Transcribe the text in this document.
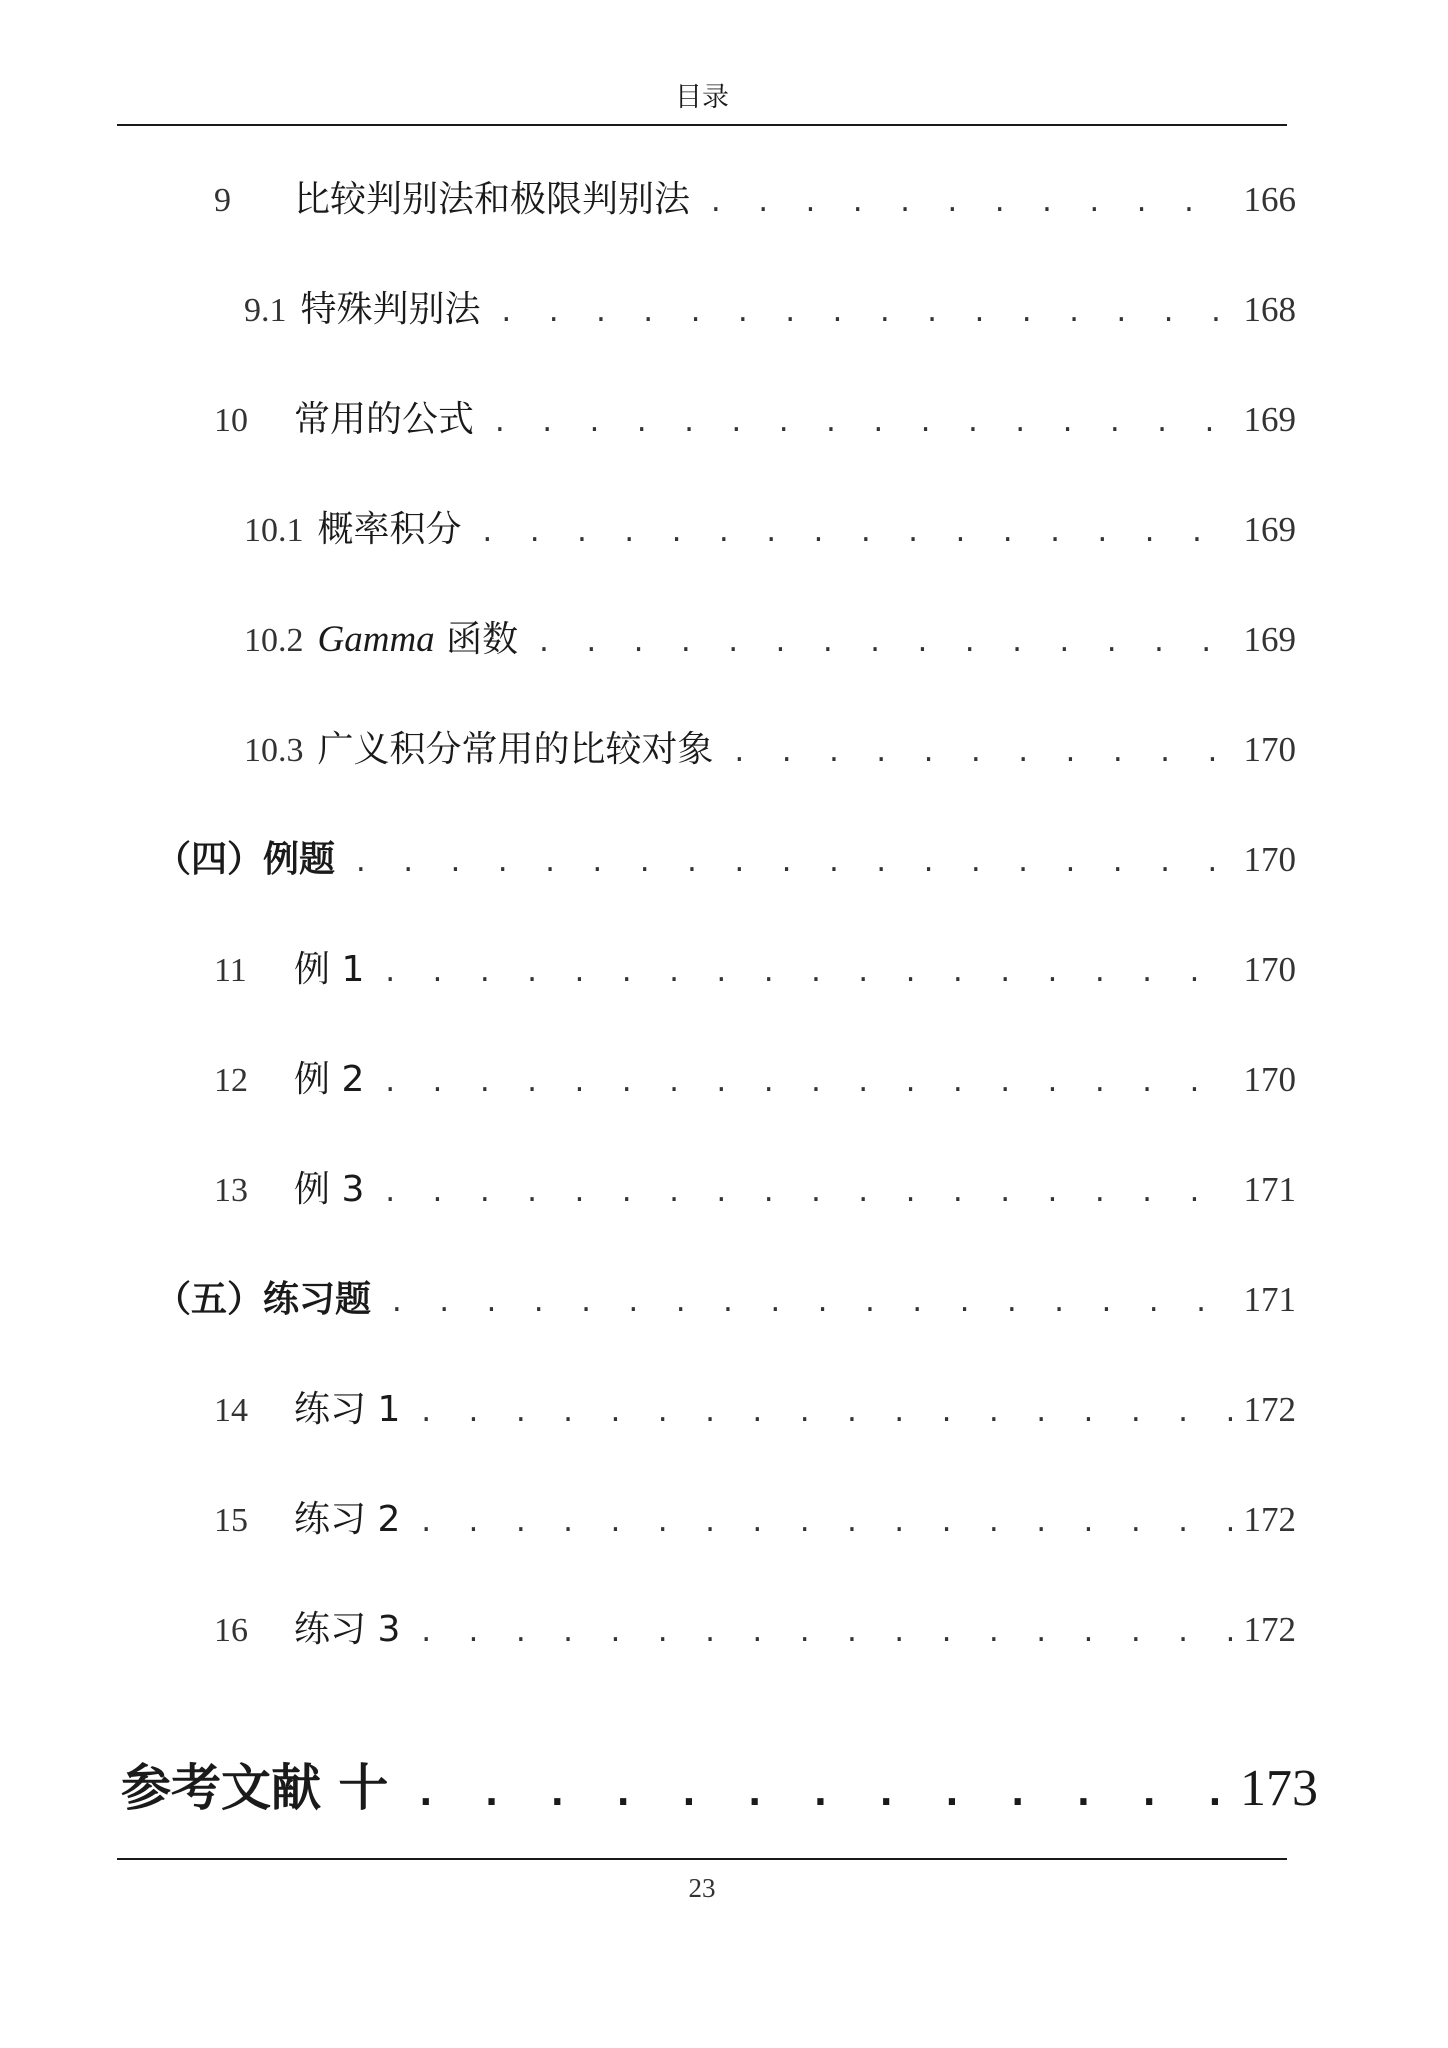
目录
9	比较判别法和极限判别法 . . .	166
9.1 特殊判别法 . . .	168
10	常用的公式 . . .	169
10.1 概率积分 . . .	169
10.2 Gamma 函数 . . .	169
10.3 广义积分常用的比较对象 . . .	170
（四）例题 . . .	170
11	例 1 . . .	170
12	例 2 . . .	170
13	例 3 . . .	171
（五）练习题 . . .	171
14	练习 1 . . .	172
15	练习 2 . . .	172
16	练习 3 . . .	172
参考文献 十 . . .	173
23
